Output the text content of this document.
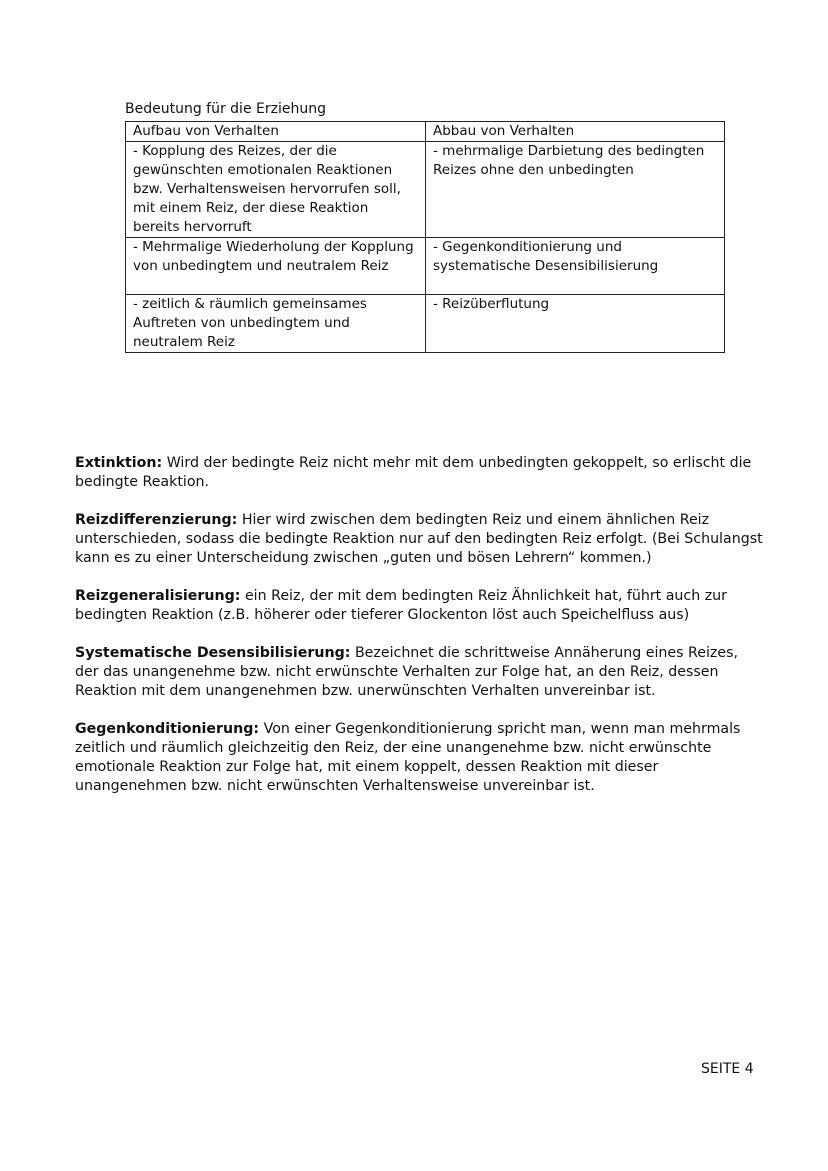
Bedeutung für die Erziehung
Aufbau von Verhalten	Abbau von Verhalten
- Kopplung des Reizes, der die gewünschten emotionalen Reaktionen bzw. Verhaltensweisen hervorrufen soll, mit einem Reiz, der diese Reaktion bereits hervorruft	- mehrmalige Darbietung des bedingten Reizes ohne den unbedingten
- Mehrmalige Wiederholung der Kopplung von unbedingtem und neutralem Reiz	- Gegenkonditionierung und systematische Desensibilisierung
- zeitlich & räumlich gemeinsames Auftreten von unbedingtem und neutralem Reiz	- Reizüberflutung

Extinktion: Wird der bedingte Reiz nicht mehr mit dem unbedingten gekoppelt, so erlischt die bedingte Reaktion.

Reizdifferenzierung: Hier wird zwischen dem bedingten Reiz und einem ähnlichen Reiz unterschieden, sodass die bedingte Reaktion nur auf den bedingten Reiz erfolgt. (Bei Schulangst kann es zu einer Unterscheidung zwischen „guten und bösen Lehrern“ kommen.)

Reizgeneralisierung: ein Reiz, der mit dem bedingten Reiz Ähnlichkeit hat, führt auch zur bedingten Reaktion (z.B. höherer oder tieferer Glockenton löst auch Speichelfluss aus)

Systematische Desensibilisierung: Bezeichnet die schrittweise Annäherung eines Reizes, der das unangenehme bzw. nicht erwünschte Verhalten zur Folge hat, an den Reiz, dessen Reaktion mit dem unangenehmen bzw. unerwünschten Verhalten unvereinbar ist.

Gegenkonditionierung: Von einer Gegenkonditionierung spricht man, wenn man mehrmals zeitlich und räumlich gleichzeitig den Reiz, der eine unangenehme bzw. nicht erwünschte emotionale Reaktion zur Folge hat, mit einem koppelt, dessen Reaktion mit dieser unangenehmen bzw. nicht erwünschten Verhaltensweise unvereinbar ist.

SEITE 4
